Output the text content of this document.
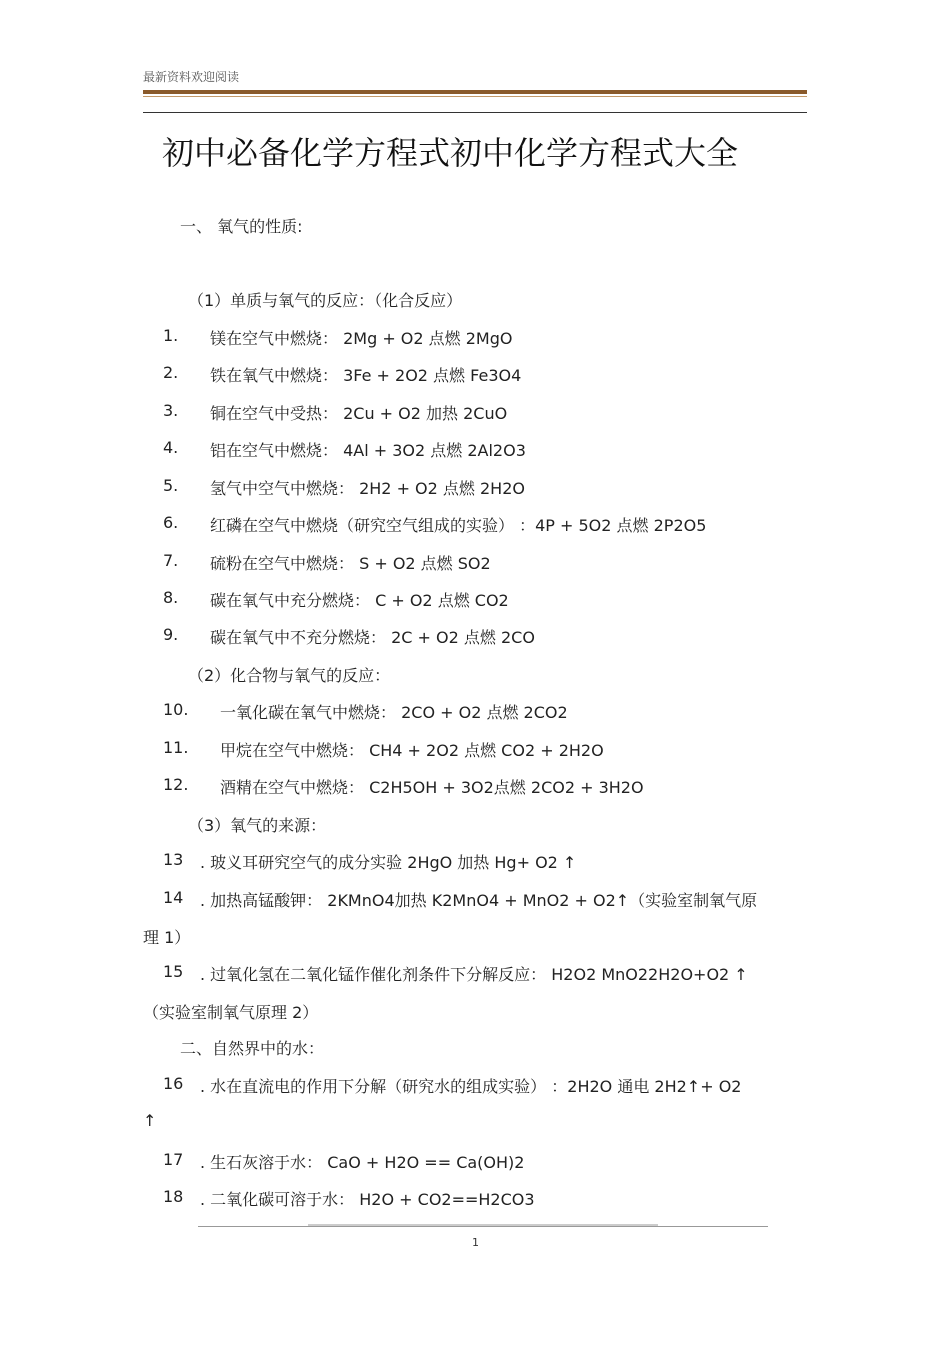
最新资料欢迎阅读
初中必备化学方程式初中化学方程式大全
一、 氧气的性质:
（1）单质与氧气的反应：（化合反应）
1. 镁在空气中燃烧： 2Mg + O2 点燃 2MgO
2. 铁在氧气中燃烧： 3Fe + 2O2 点燃 Fe3O4
3. 铜在空气中受热： 2Cu + O2 加热 2CuO
4. 铝在空气中燃烧： 4Al + 3O2 点燃 2Al2O3
5. 氢气中空气中燃烧： 2H2 + O2 点燃 2H2O
6. 红磷在空气中燃烧（研究空气组成的实验） ：4P + 5O2 点燃 2P2O5
7. 硫粉在空气中燃烧： S + O2 点燃 SO2
8. 碳在氧气中充分燃烧： C + O2 点燃 CO2
9. 碳在氧气中不充分燃烧： 2C + O2 点燃 2CO
（2）化合物与氧气的反应：
10. 一氧化碳在氧气中燃烧： 2CO + O2 点燃 2CO2
11. 甲烷在空气中燃烧： CH4 + 2O2 点燃 CO2 + 2H2O
12. 酒精在空气中燃烧： C2H5OH + 3O2点燃 2CO2 + 3H2O
（3）氧气的来源：
13 . 玻义耳研究空气的成分实验 2HgO 加热 Hg+ O2 ↑
14 . 加热高锰酸钾： 2KMnO4加热 K2MnO4 + MnO2 + O2↑（实验室制氧气原
理 1）
15 . 过氧化氢在二氧化锰作催化剂条件下分解反应： H2O2 MnO22H2O+O2 ↑
（实验室制氧气原理 2）
二、自然界中的水：
16 . 水在直流电的作用下分解（研究水的组成实验） ：2H2O 通电 2H2↑+ O2
↑
17 . 生石灰溶于水： CaO + H2O == Ca(OH)2
18 . 二氧化碳可溶于水： H2O + CO2==H2CO3
1
